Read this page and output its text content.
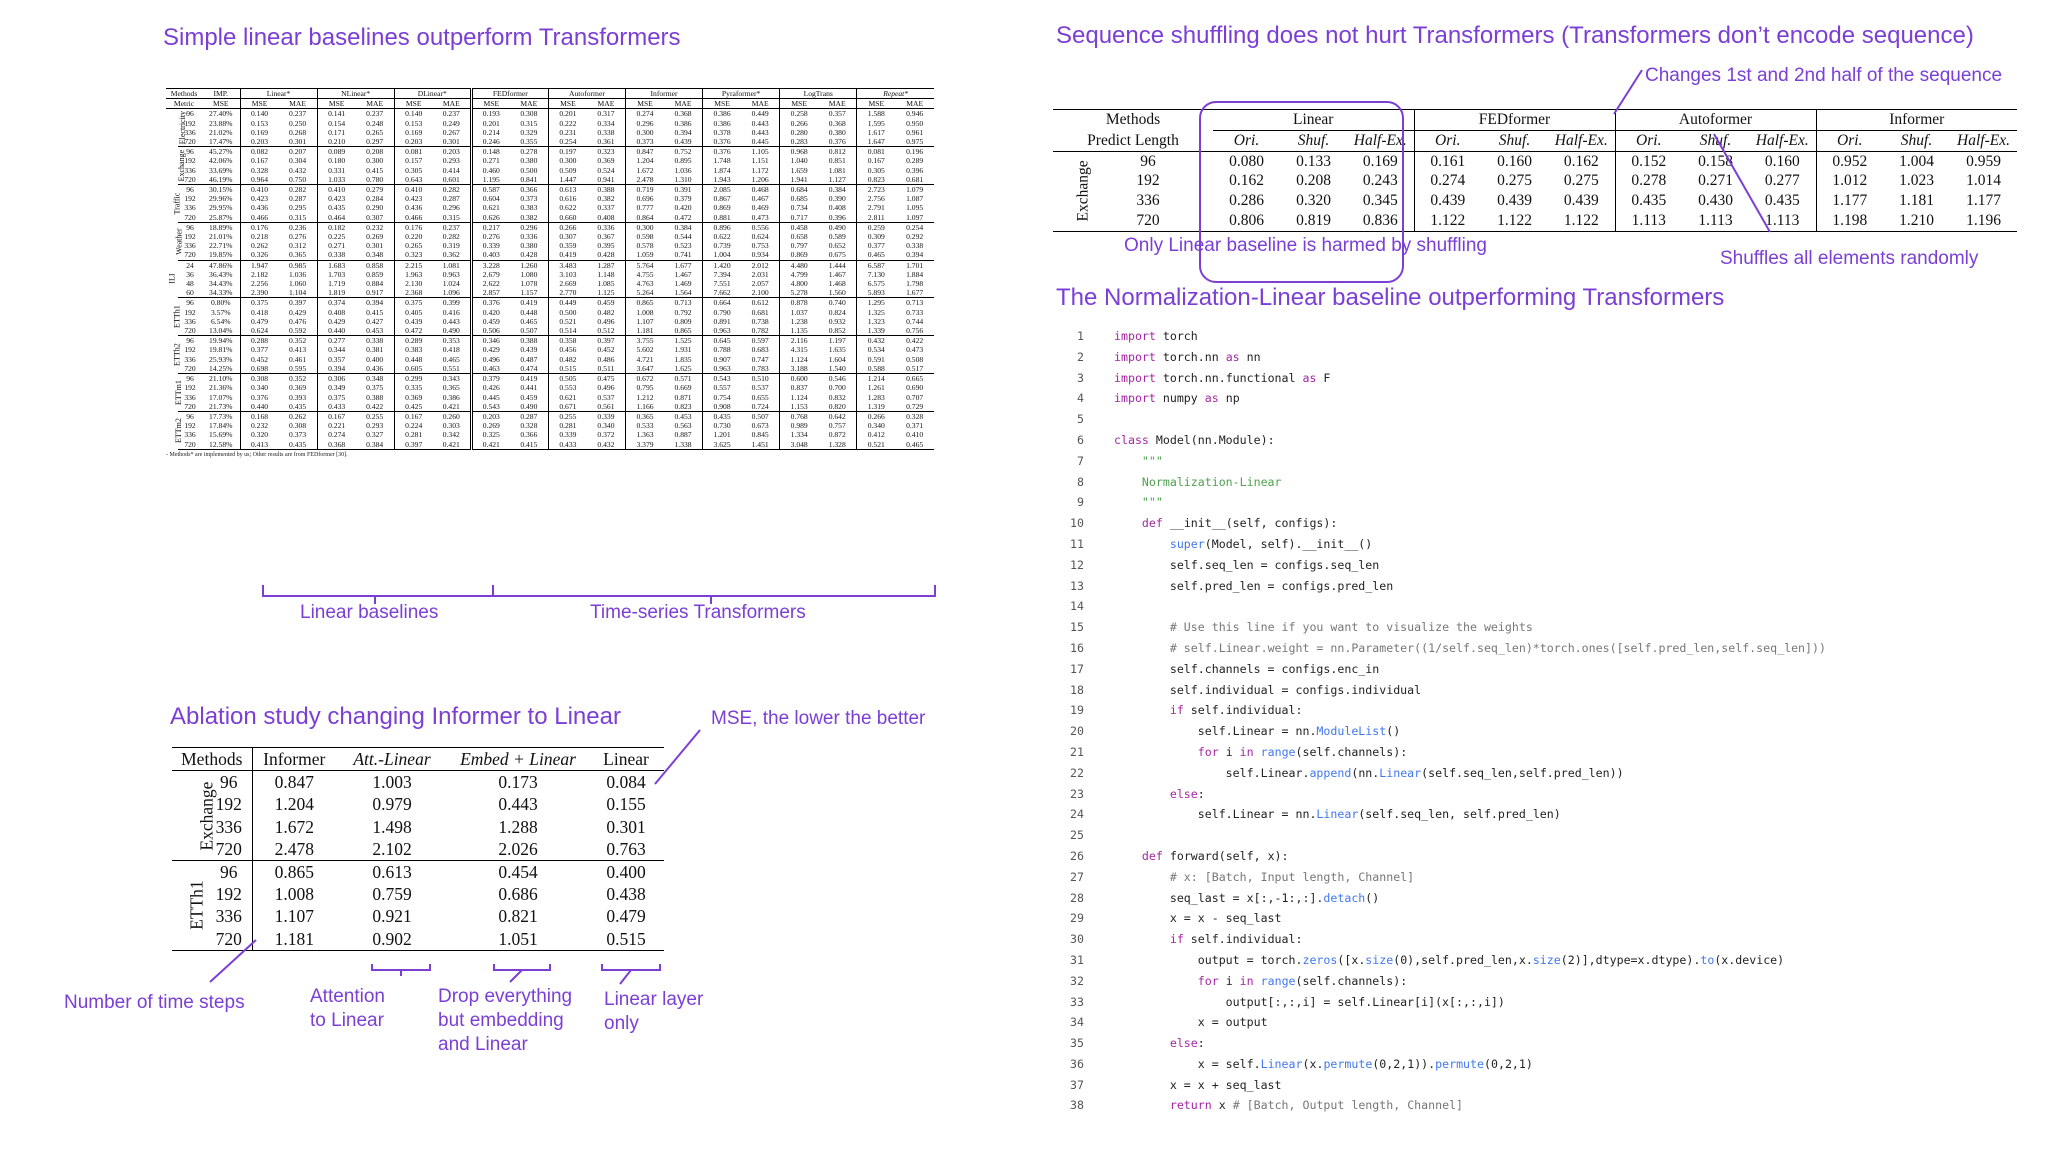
Simple linear baselines outperform Transformers	Sequence shuffling does not hurt Transformers (Transformers don’t encode sequence)
Ablation study changing Informer to Linear
The Normalization-Linear baseline outperforming Transformers
Methods		IMP.	Linear*		NLinear*		DLinear*		FEDformer		Autoformer		Informer		Pyraformer*		LogTrans		Repeat*	
Metric		MSE	MSE	MAE	MSE	MAE	MSE	MAE	MSE	MAE	MSE	MAE	MSE	MAE	MSE	MAE	MSE	MAE	MSE	MAE
Electricity	96	27.40%	0.140	0.237	0.141	0.237	0.140	0.237	0.193	0.308	0.201	0.317	0.274	0.368	0.386	0.449	0.258	0.357	1.588	0.946
	192	23.88%	0.153	0.250	0.154	0.248	0.153	0.249	0.201	0.315	0.222	0.334	0.296	0.386	0.386	0.443	0.266	0.368	1.595	0.950
	336	21.02%	0.169	0.268	0.171	0.265	0.169	0.267	0.214	0.329	0.231	0.338	0.300	0.394	0.378	0.443	0.280	0.380	1.617	0.961
	720	17.47%	0.203	0.301	0.210	0.297	0.203	0.301	0.246	0.355	0.254	0.361	0.373	0.439	0.376	0.445	0.283	0.376	1.647	0.975
Exchange	96	45.27%	0.082	0.207	0.089	0.208	0.081	0.203	0.148	0.278	0.197	0.323	0.847	0.752	0.376	1.105	0.968	0.812	0.081	0.196
	192	42.06%	0.167	0.304	0.180	0.300	0.157	0.293	0.271	0.380	0.300	0.369	1.204	0.895	1.748	1.151	1.040	0.851	0.167	0.289
	336	33.69%	0.328	0.432	0.331	0.415	0.305	0.414	0.460	0.500	0.509	0.524	1.672	1.036	1.874	1.172	1.659	1.081	0.305	0.396
	720	46.19%	0.964	0.750	1.033	0.780	0.643	0.601	1.195	0.841	1.447	0.941	2.478	1.310	1.943	1.206	1.941	1.127	0.823	0.681
Traffic	96	30.15%	0.410	0.282	0.410	0.279	0.410	0.282	0.587	0.366	0.613	0.388	0.719	0.391	2.085	0.468	0.684	0.384	2.723	1.079
	192	29.96%	0.423	0.287	0.423	0.284	0.423	0.287	0.604	0.373	0.616	0.382	0.696	0.379	0.867	0.467	0.685	0.390	2.756	1.087
	336	29.95%	0.436	0.295	0.435	0.290	0.436	0.296	0.621	0.383	0.622	0.337	0.777	0.420	0.869	0.469	0.734	0.408	2.791	1.095
	720	25.87%	0.466	0.315	0.464	0.307	0.466	0.315	0.626	0.382	0.660	0.408	0.864	0.472	0.881	0.473	0.717	0.396	2.811	1.097
Weather	96	18.89%	0.176	0.236	0.182	0.232	0.176	0.237	0.217	0.296	0.266	0.336	0.300	0.384	0.896	0.556	0.458	0.490	0.259	0.254
	192	21.01%	0.218	0.276	0.225	0.269	0.220	0.282	0.276	0.336	0.307	0.367	0.598	0.544	0.622	0.624	0.658	0.589	0.309	0.292
	336	22.71%	0.262	0.312	0.271	0.301	0.265	0.319	0.339	0.380	0.359	0.395	0.578	0.523	0.739	0.753	0.797	0.652	0.377	0.338
	720	19.85%	0.326	0.365	0.338	0.348	0.323	0.362	0.403	0.428	0.419	0.428	1.059	0.741	1.004	0.934	0.869	0.675	0.465	0.394
ILI	24	47.86%	1.947	0.985	1.683	0.858	2.215	1.081	3.228	1.260	3.483	1.287	5.764	1.677	1.420	2.012	4.480	1.444	6.587	1.701
	36	36.43%	2.182	1.036	1.703	0.859	1.963	0.963	2.679	1.080	3.103	1.148	4.755	1.467	7.394	2.031	4.799	1.467	7.130	1.884
	48	34.43%	2.256	1.060	1.719	0.884	2.130	1.024	2.622	1.078	2.669	1.085	4.763	1.469	7.551	2.057	4.800	1.468	6.575	1.798
	60	34.33%	2.390	1.104	1.819	0.917	2.368	1.096	2.857	1.157	2.770	1.125	5.264	1.564	7.662	2.100	5.278	1.560	5.893	1.677
ETTh1	96	0.80%	0.375	0.397	0.374	0.394	0.375	0.399	0.376	0.419	0.449	0.459	0.865	0.713	0.664	0.612	0.878	0.740	1.295	0.713
	192	3.57%	0.418	0.429	0.408	0.415	0.405	0.416	0.420	0.448	0.500	0.482	1.008	0.792	0.790	0.681	1.037	0.824	1.325	0.733
	336	6.54%	0.479	0.476	0.429	0.427	0.439	0.443	0.459	0.465	0.521	0.496	1.107	0.809	0.891	0.738	1.238	0.932	1.323	0.744
	720	13.04%	0.624	0.592	0.440	0.453	0.472	0.490	0.506	0.507	0.514	0.512	1.181	0.865	0.963	0.782	1.135	0.852	1.339	0.756
ETTh2	96	19.94%	0.288	0.352	0.277	0.338	0.289	0.353	0.346	0.388	0.358	0.397	3.755	1.525	0.645	0.597	2.116	1.197	0.432	0.422
	192	19.81%	0.377	0.413	0.344	0.381	0.383	0.418	0.429	0.439	0.456	0.452	5.602	1.931	0.788	0.683	4.315	1.635	0.534	0.473
	336	25.93%	0.452	0.461	0.357	0.400	0.448	0.465	0.496	0.487	0.482	0.486	4.721	1.835	0.907	0.747	1.124	1.604	0.591	0.508
	720	14.25%	0.698	0.595	0.394	0.436	0.605	0.551	0.463	0.474	0.515	0.511	3.647	1.625	0.963	0.783	3.188	1.540	0.588	0.517
ETTm1	96	21.10%	0.308	0.352	0.306	0.348	0.299	0.343	0.379	0.419	0.505	0.475	0.672	0.571	0.543	0.510	0.600	0.546	1.214	0.665
	192	21.36%	0.340	0.369	0.349	0.375	0.335	0.365	0.426	0.441	0.553	0.496	0.795	0.669	0.557	0.537	0.837	0.700	1.261	0.690
	336	17.07%	0.376	0.393	0.375	0.388	0.369	0.386	0.445	0.459	0.621	0.537	1.212	0.871	0.754	0.655	1.124	0.832	1.283	0.707
	720	21.73%	0.440	0.435	0.433	0.422	0.425	0.421	0.543	0.490	0.671	0.561	1.166	0.823	0.908	0.724	1.153	0.820	1.319	0.729
ETTm2	96	17.73%	0.168	0.262	0.167	0.255	0.167	0.260	0.203	0.287	0.255	0.339	0.365	0.453	0.435	0.507	0.768	0.642	0.266	0.328
	192	17.84%	0.232	0.308	0.221	0.293	0.224	0.303	0.269	0.328	0.281	0.340	0.533	0.563	0.730	0.673	0.989	0.757	0.340	0.371
	336	15.69%	0.320	0.373	0.274	0.327	0.281	0.342	0.325	0.366	0.339	0.372	1.363	0.887	1.201	0.845	1.334	0.872	0.412	0.410
	720	12.58%	0.413	0.435	0.368	0.384	0.397	0.421	0.421	0.415	0.433	0.432	3.379	1.338	3.625	1.451	3.048	1.328	0.521	0.465
- Methods* are implemented by us; Other results are from FEDformer [30].
Linear baselines	Time-series Transformers
Methods		Linear			FEDformer			Autoformer			Informer		
Predict Length		Ori.	Shuf.	Half-Ex.	Ori.	Shuf.	Half-Ex.	Ori.	Shuf.	Half-Ex.	Ori.	Shuf.	Half-Ex.
Exchange	96	0.080	0.133	0.169	0.161	0.160	0.162	0.152	0.158	0.160	0.952	1.004	0.959
	192	0.162	0.208	0.243	0.274	0.275	0.275	0.278	0.271	0.277	1.012	1.023	1.014
	336	0.286	0.320	0.345	0.439	0.439	0.439	0.435	0.430	0.435	1.177	1.181	1.177
	720	0.806	0.819	0.836	1.122	1.122	1.122	1.113	1.113	1.113	1.198	1.210	1.196
Changes 1st and 2nd half of the sequence
Only Linear baseline is harmed by shuffling
Shuffles all elements randomly
Methods		Informer	Att.-Linear	Embed + Linear	Linear
Exchange	96	0.847	1.003	0.173	0.084
	192	1.204	0.979	0.443	0.155
	336	1.672	1.498	1.288	0.301
	720	2.478	2.102	2.026	0.763
ETTh1	96	0.865	0.613	0.454	0.400
	192	1.008	0.759	0.686	0.438
	336	1.107	0.921	0.821	0.479
	720	1.181	0.902	1.051	0.515
MSE, the lower the better
Number of time steps	Attention
to Linear
Drop everything
but embedding
and Linear
Linear layer
only
1	import torch
2	import torch.nn as nn
3	import torch.nn.functional as F
4	import numpy as np
5
6	class Model(nn.Module):
7	"""
8	Normalization-Linear
9	"""
10	def __init__(self, configs):
11	super(Model, self).__init__()
12	self.seq_len = configs.seq_len
13	self.pred_len = configs.pred_len
14
15	# Use this line if you want to visualize the weights
16	# self.Linear.weight = nn.Parameter((1/self.seq_len)*torch.ones([self.pred_len,self.seq_len]))
17	self.channels = configs.enc_in
18	self.individual = configs.individual
19	if self.individual:
20	self.Linear = nn.ModuleList()
21	for i in range(self.channels):
22	self.Linear.append(nn.Linear(self.seq_len,self.pred_len))
23	else:
24	self.Linear = nn.Linear(self.seq_len, self.pred_len)
25
26	def forward(self, x):
27	# x: [Batch, Input length, Channel]
28	seq_last = x[:,-1:,:].detach()
29	x = x - seq_last
30	if self.individual:
31	output = torch.zeros([x.size(0),self.pred_len,x.size(2)],dtype=x.dtype).to(x.device)
32	for i in range(self.channels):
33	output[:,:,i] = self.Linear[i](x[:,:,i])
34	x = output
35	else:
36	x = self.Linear(x.permute(0,2,1)).permute(0,2,1)
37	x = x + seq_last
38	return x # [Batch, Output length, Channel]
